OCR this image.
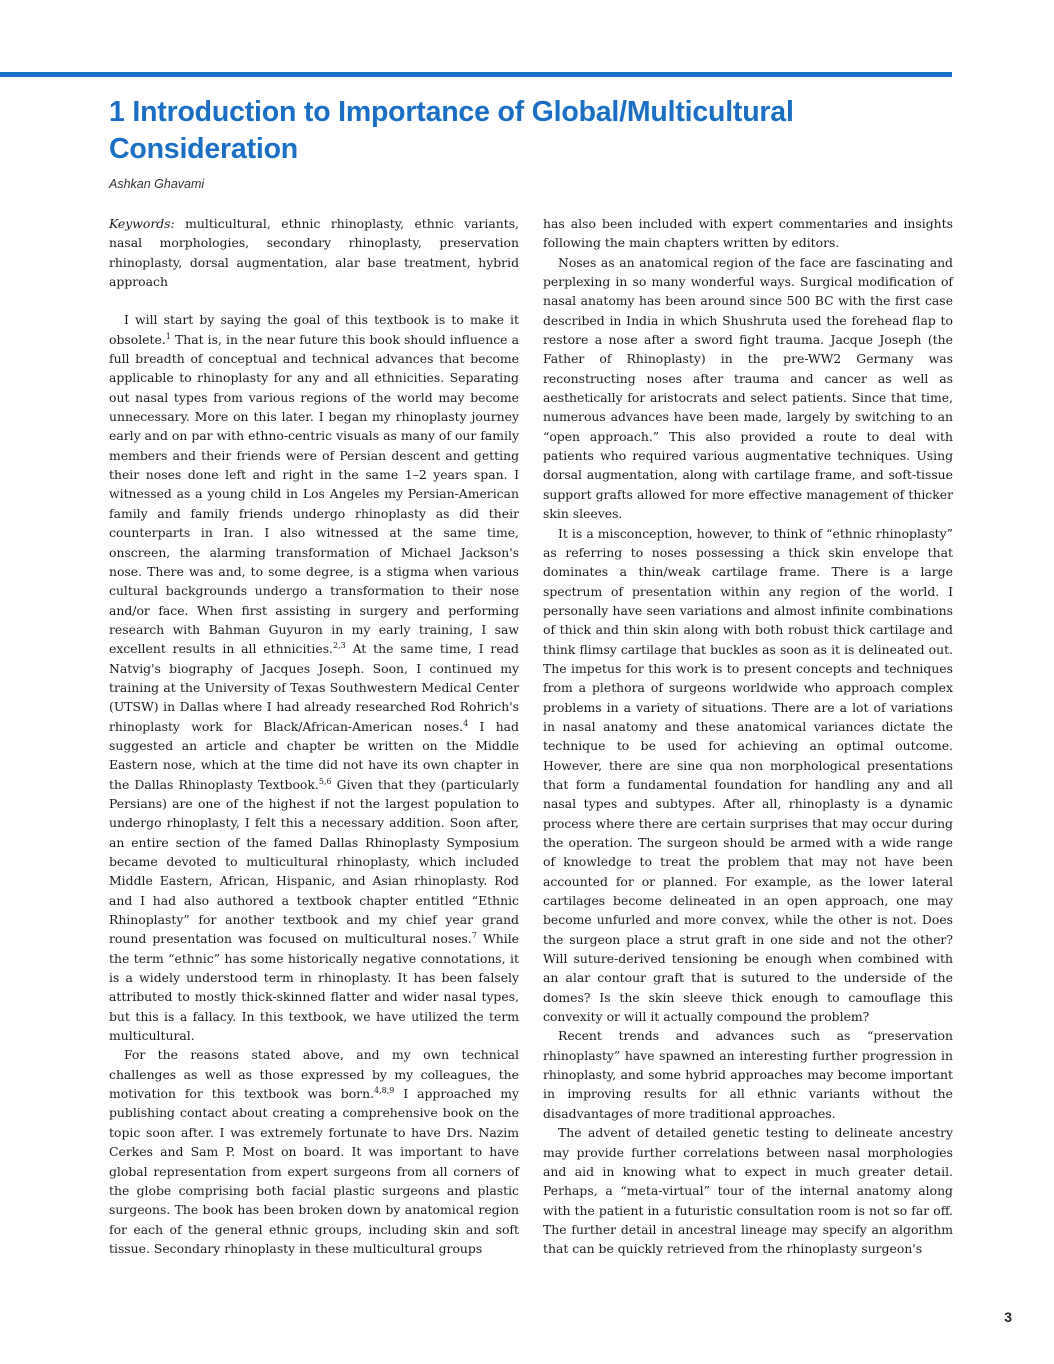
1 Introduction to Importance of Global/Multicultural Consideration
Ashkan Ghavami

Keywords: multicultural, ethnic rhinoplasty, ethnic variants, nasal morphologies, secondary rhinoplasty, preservation rhinoplasty, dorsal augmentation, alar base treatment, hybrid approach

I will start by saying the goal of this textbook is to make it obsolete.$^1$ That is, in the near future this book should influence a full breadth of conceptual and technical advances that become applicable to rhinoplasty for any and all ethnicities. Separating out nasal types from various regions of the world may become unnecessary. More on this later. I began my rhinoplasty journey early and on par with ethno-centric visuals as many of our family members and their friends were of Persian descent and getting their noses done left and right in the same 1–2 years span. I witnessed as a young child in Los Angeles my Persian-American family and family friends undergo rhinoplasty as did their counterparts in Iran. I also witnessed at the same time, onscreen, the alarming transformation of Michael Jackson's nose. There was and, to some degree, is a stigma when various cultural backgrounds undergo a transformation to their nose and/or face. When first assisting in surgery and performing research with Bahman Guyuron in my early training, I saw excellent results in all ethnicities.$^{2,3}$ At the same time, I read Natvig's biography of Jacques Joseph. Soon, I continued my training at the University of Texas Southwestern Medical Center (UTSW) in Dallas where I had already researched Rod Rohrich's rhinoplasty work for Black/African-American noses.$^4$ I had suggested an article and chapter be written on the Middle Eastern nose, which at the time did not have its own chapter in the Dallas Rhinoplasty Textbook.$^{5,6}$ Given that they (particularly Persians) are one of the highest if not the largest population to undergo rhinoplasty, I felt this a necessary addition. Soon after, an entire section of the famed Dallas Rhinoplasty Symposium became devoted to multicultural rhinoplasty, which included Middle Eastern, African, Hispanic, and Asian rhinoplasty. Rod and I had also authored a textbook chapter entitled “Ethnic Rhinoplasty” for another textbook and my chief year grand round presentation was focused on multicultural noses.$^7$ While the term “ethnic” has some historically negative connotations, it is a widely understood term in rhinoplasty. It has been falsely attributed to mostly thick-skinned flatter and wider nasal types, but this is a fallacy. In this textbook, we have utilized the term multicultural.

For the reasons stated above, and my own technical challenges as well as those expressed by my colleagues, the motivation for this textbook was born.$^{4,8,9}$ I approached my publishing contact about creating a comprehensive book on the topic soon after. I was extremely fortunate to have Drs. Nazim Cerkes and Sam P. Most on board. It was important to have global representation from expert surgeons from all corners of the globe comprising both facial plastic surgeons and plastic surgeons. The book has been broken down by anatomical region for each of the general ethnic groups, including skin and soft tissue. Secondary rhinoplasty in these multicultural groups

has also been included with expert commentaries and insights following the main chapters written by editors.

Noses as an anatomical region of the face are fascinating and perplexing in so many wonderful ways. Surgical modification of nasal anatomy has been around since 500 BC with the first case described in India in which Shushruta used the forehead flap to restore a nose after a sword fight trauma. Jacque Joseph (the Father of Rhinoplasty) in the pre-WW2 Germany was reconstructing noses after trauma and cancer as well as aesthetically for aristocrats and select patients. Since that time, numerous advances have been made, largely by switching to an “open approach.” This also provided a route to deal with patients who required various augmentative techniques. Using dorsal augmentation, along with cartilage frame, and soft-tissue support grafts allowed for more effective management of thicker skin sleeves.

It is a misconception, however, to think of “ethnic rhinoplasty” as referring to noses possessing a thick skin envelope that dominates a thin/weak cartilage frame. There is a large spectrum of presentation within any region of the world. I personally have seen variations and almost infinite combinations of thick and thin skin along with both robust thick cartilage and think flimsy cartilage that buckles as soon as it is delineated out. The impetus for this work is to present concepts and techniques from a plethora of surgeons worldwide who approach complex problems in a variety of situations. There are a lot of variations in nasal anatomy and these anatomical variances dictate the technique to be used for achieving an optimal outcome. However, there are sine qua non morphological presentations that form a fundamental foundation for handling any and all nasal types and subtypes. After all, rhinoplasty is a dynamic process where there are certain surprises that may occur during the operation. The surgeon should be armed with a wide range of knowledge to treat the problem that may not have been accounted for or planned. For example, as the lower lateral cartilages become delineated in an open approach, one may become unfurled and more convex, while the other is not. Does the surgeon place a strut graft in one side and not the other? Will suture-derived tensioning be enough when combined with an alar contour graft that is sutured to the underside of the domes? Is the skin sleeve thick enough to camouflage this convexity or will it actually compound the problem?

Recent trends and advances such as “preservation rhinoplasty” have spawned an interesting further progression in rhinoplasty, and some hybrid approaches may become important in improving results for all ethnic variants without the disadvantages of more traditional approaches.

The advent of detailed genetic testing to delineate ancestry may provide further correlations between nasal morphologies and aid in knowing what to expect in much greater detail. Perhaps, a “meta-virtual” tour of the internal anatomy along with the patient in a futuristic consultation room is not so far off. The further detail in ancestral lineage may specify an algorithm that can be quickly retrieved from the rhinoplasty surgeon's

3
